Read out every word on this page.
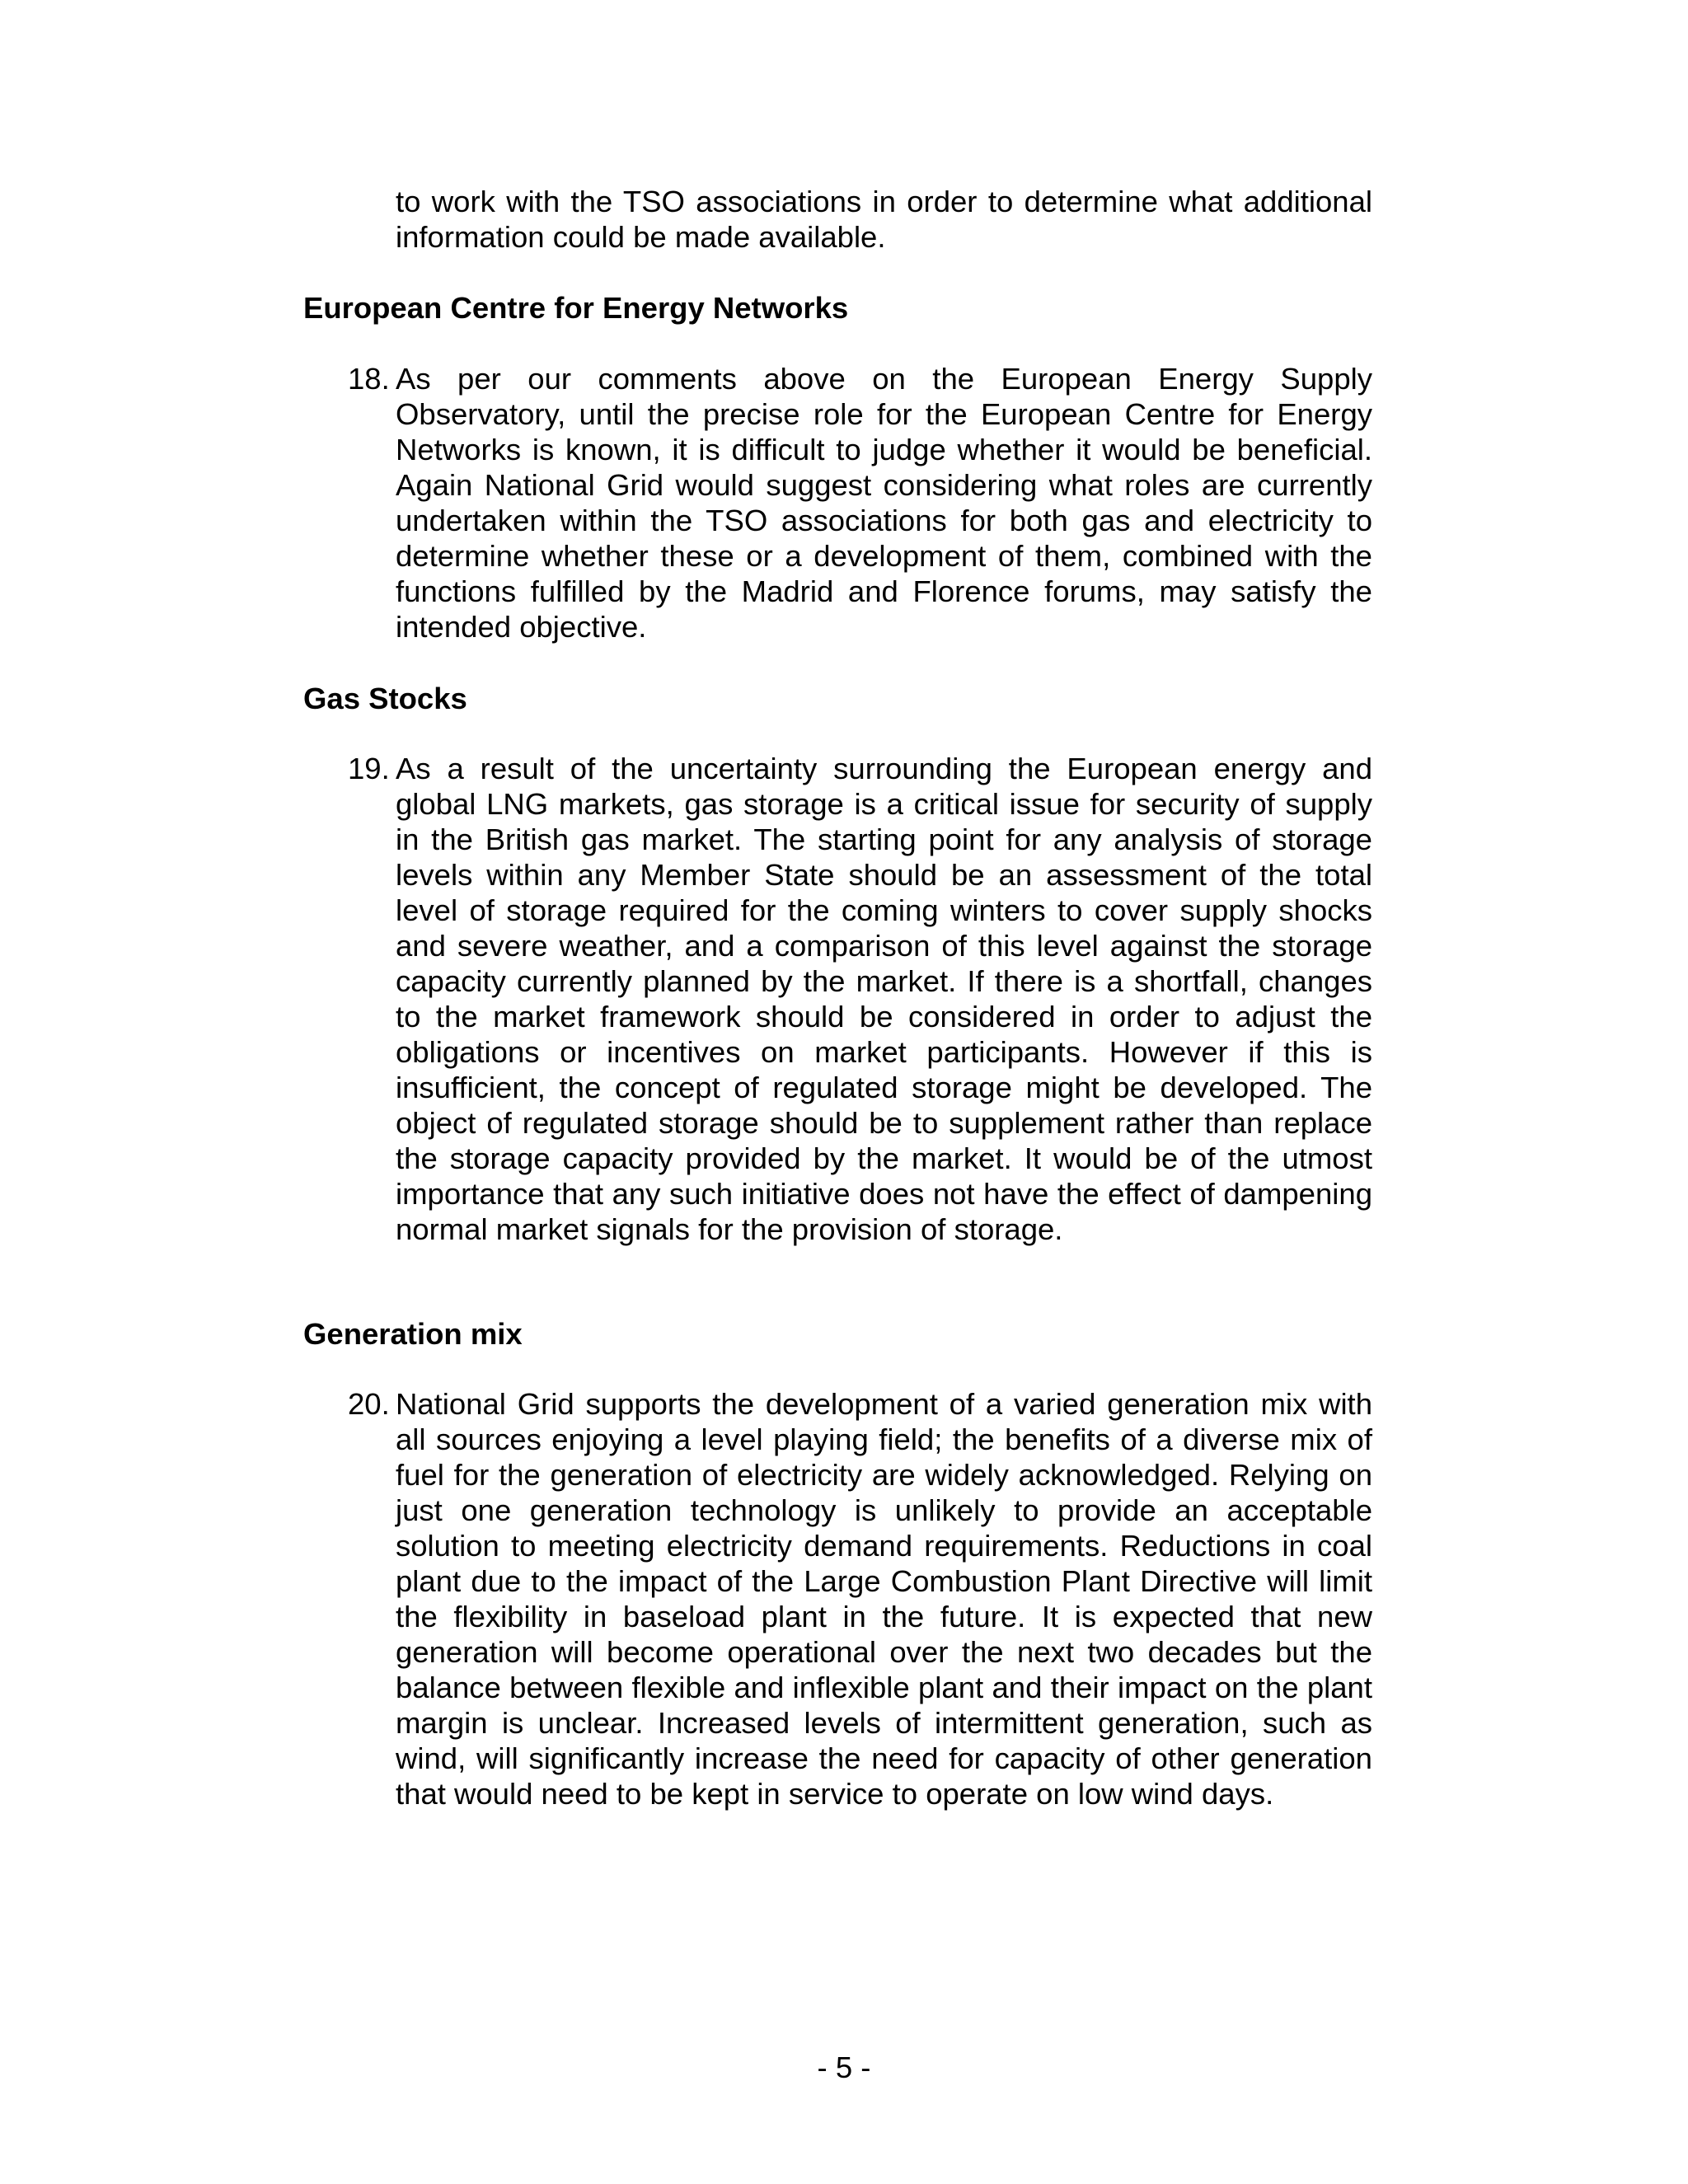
to work with the TSO associations in order to determine what additional information could be made available.

European Centre for Energy Networks
18. As per our comments above on the European Energy Supply Observatory, until the precise role for the European Centre for Energy Networks is known, it is difficult to judge whether it would be beneficial. Again National Grid would suggest considering what roles are currently undertaken within the TSO associations for both gas and electricity to determine whether these or a development of them, combined with the functions fulfilled by the Madrid and Florence forums, may satisfy the intended objective.

Gas Stocks
19. As a result of the uncertainty surrounding the European energy and global LNG markets, gas storage is a critical issue for security of supply in the British gas market. The starting point for any analysis of storage levels within any Member State should be an assessment of the total level of storage required for the coming winters to cover supply shocks and severe weather, and a comparison of this level against the storage capacity currently planned by the market. If there is a shortfall, changes to the market framework should be considered in order to adjust the obligations or incentives on market participants. However if this is insufficient, the concept of regulated storage might be developed. The object of regulated storage should be to supplement rather than replace the storage capacity provided by the market. It would be of the utmost importance that any such initiative does not have the effect of dampening normal market signals for the provision of storage.

Generation mix
20. National Grid supports the development of a varied generation mix with all sources enjoying a level playing field; the benefits of a diverse mix of fuel for the generation of electricity are widely acknowledged. Relying on just one generation technology is unlikely to provide an acceptable solution to meeting electricity demand requirements. Reductions in coal plant due to the impact of the Large Combustion Plant Directive will limit the flexibility in baseload plant in the future. It is expected that new generation will become operational over the next two decades but the balance between flexible and inflexible plant and their impact on the plant margin is unclear. Increased levels of intermittent generation, such as wind, will significantly increase the need for capacity of other generation that would need to be kept in service to operate on low wind days.

- 5 -
